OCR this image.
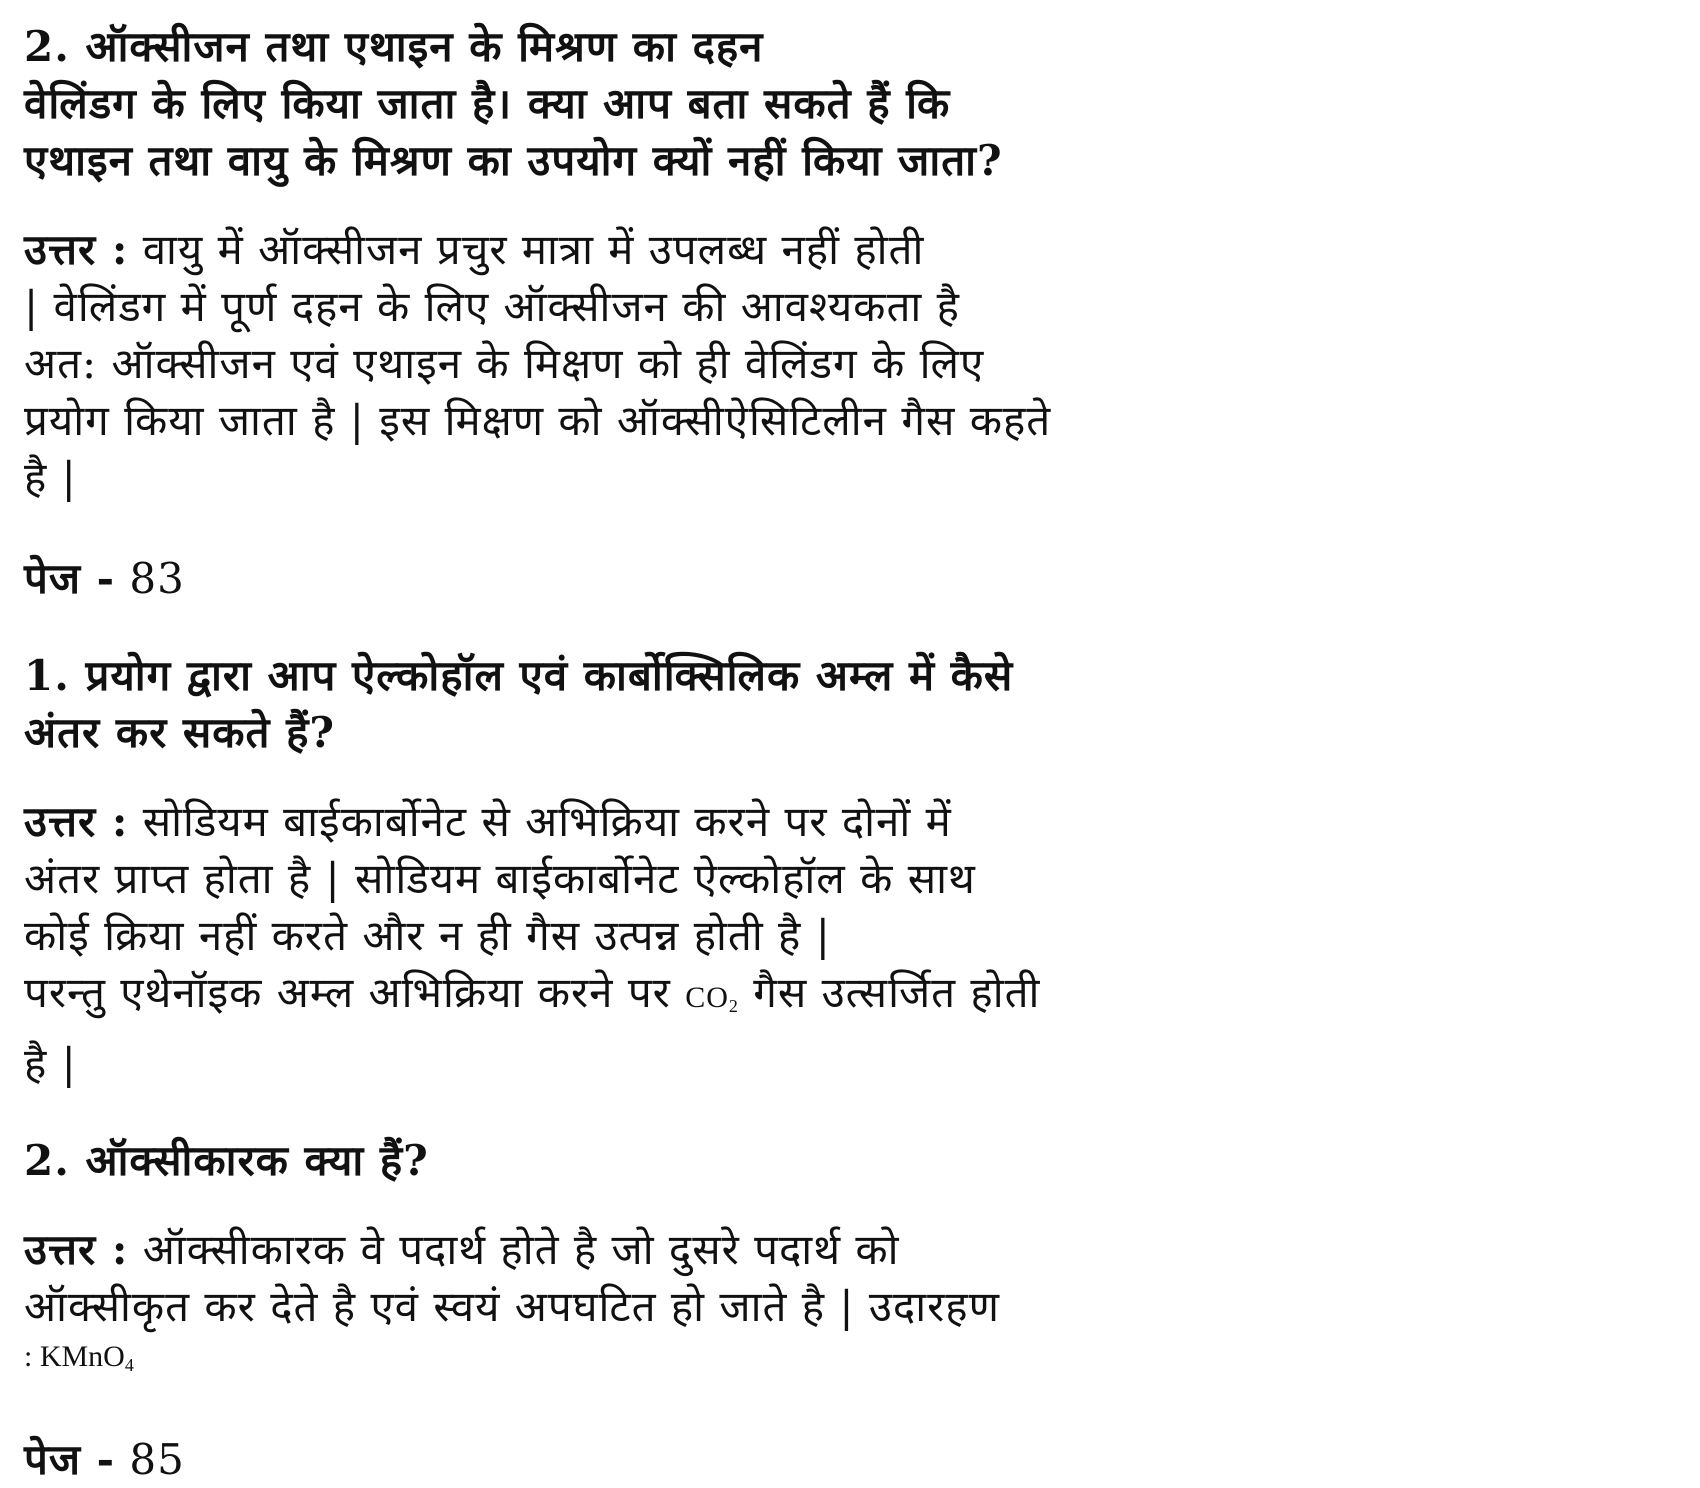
2. ऑक्सीजन तथा एथाइन के मिश्रण का दहन
वेलिंडग के लिए किया जाता है। क्या आप बता सकते हैं कि
एथाइन तथा वायु के मिश्रण का उपयोग क्यों नहीं किया जाता?
उत्तर : वायु में ऑक्सीजन प्रचुर मात्रा में उपलब्ध नहीं होती
| वेलिंडग में पूर्ण दहन के लिए ऑक्सीजन की आवश्यकता है
अत: ऑक्सीजन एवं एथाइन के मिक्षण को ही वेलिंडग के लिए
प्रयोग किया जाता है | इस मिक्षण को ऑक्सीऐसिटिलीन गैस कहते
है |
पेज - 83
1. प्रयोग द्वारा आप ऐल्कोहॉल एवं कार्बोक्सिलिक अम्ल में कैसे
अंतर कर सकते हैं?
उत्तर : सोडियम बाईकार्बोनेट से अभिक्रिया करने पर दोनों में
अंतर प्राप्त होता है | सोडियम बाईकार्बोनेट ऐल्कोहॉल के साथ
कोई क्रिया नहीं करते और न ही गैस उत्पन्न होती है |
परन्तु एथेनॉइक अम्ल अभिक्रिया करने पर $CO_2$ गैस उत्सर्जित होती
है |
2. ऑक्सीकारक क्या हैं?
उत्तर : ऑक्सीकारक वे पदार्थ होते है जो दुसरे पदार्थ को
ऑक्सीकृत कर देते है एवं स्वयं अपघटित हो जाते है | उदारहण
: KMnO$_4$
पेज - 85
